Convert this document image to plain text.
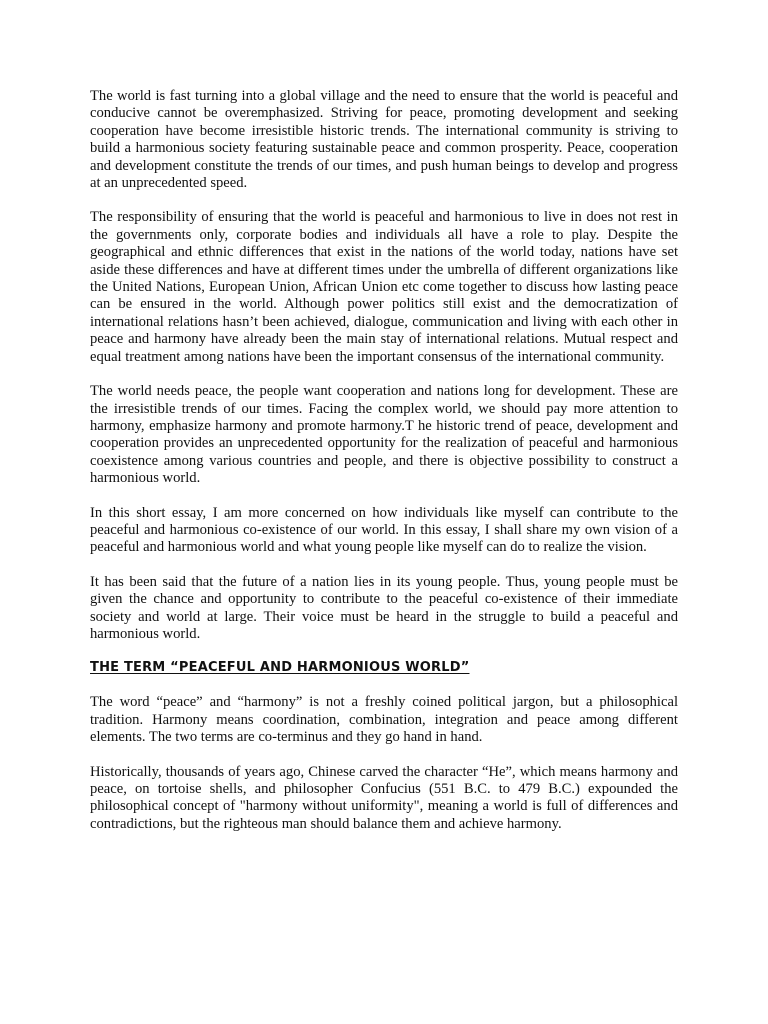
The world is fast turning into a global village and the need to ensure that the world is peaceful and conducive cannot be overemphasized. Striving for peace, promoting development and seeking cooperation have become irresistible historic trends. The international community is striving to build a harmonious society featuring sustainable peace and common prosperity. Peace, cooperation and development constitute the trends of our times, and push human beings to develop and progress at an unprecedented speed.

The responsibility of ensuring that the world is peaceful and harmonious to live in does not rest in the governments only, corporate bodies and individuals all have a role to play. Despite the geographical and ethnic differences that exist in the nations of the world today, nations have set aside these differences and have at different times under the umbrella of different organizations like the United Nations, European Union, African Union etc come together to discuss how lasting peace can be ensured in the world. Although power politics still exist and the democratization of international relations hasn’t been achieved, dialogue, communication and living with each other in peace and harmony have already been the main stay of international relations. Mutual respect and equal treatment among nations have been the important consensus of the international community.

The world needs peace, the people want cooperation and nations long for development. These are the irresistible trends of our times. Facing the complex world, we should pay more attention to harmony, emphasize harmony and promote harmony.T he historic trend of peace, development and cooperation provides an unprecedented opportunity for the realization of peaceful and harmonious coexistence among various countries and people, and there is objective possibility to construct a harmonious world.

In this short essay, I am more concerned on how individuals like myself can contribute to the peaceful and harmonious co-existence of our world. In this essay, I shall share my own vision of a peaceful and harmonious world and what young people like myself can do to realize the vision.

It has been said that the future of a nation lies in its young people. Thus, young people must be given the chance and opportunity to contribute to the peaceful co-existence of their immediate society and world at large. Their voice must be heard in the struggle to build a peaceful and harmonious world.

THE TERM “PEACEFUL AND HARMONIOUS WORLD”

The word “peace” and “harmony” is not a freshly coined political jargon, but a philosophical tradition. Harmony means coordination, combination, integration and peace among different elements. The two terms are co-terminus and they go hand in hand.

Historically, thousands of years ago, Chinese carved the character “He”, which means harmony and peace, on tortoise shells, and philosopher Confucius (551 B.C. to 479 B.C.) expounded the philosophical concept of "harmony without uniformity", meaning a world is full of differences and contradictions, but the righteous man should balance them and achieve harmony.
